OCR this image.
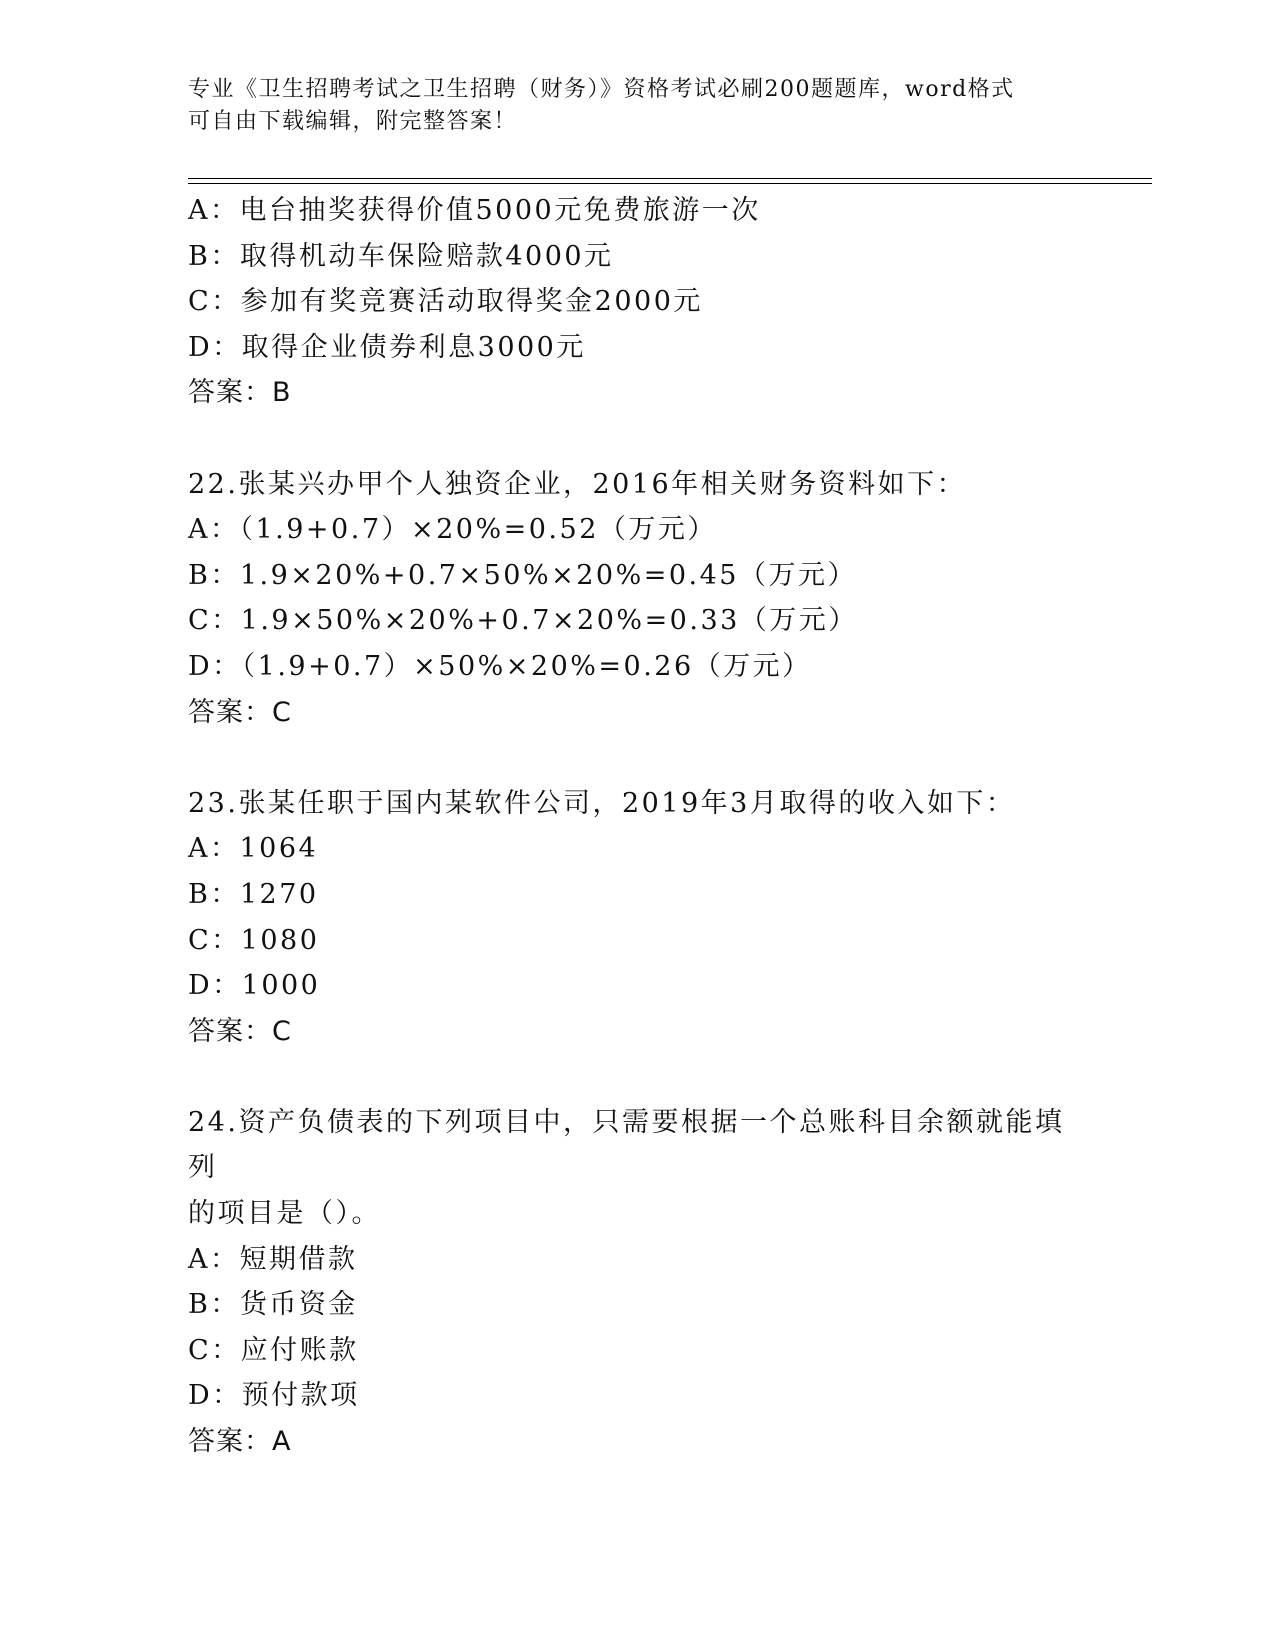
专业《卫生招聘考试之卫生招聘（财务）》资格考试必刷200题题库，word格式
可自由下载编辑，附完整答案！
A：电台抽奖获得价值5000元免费旅游一次
B：取得机动车保险赔款4000元
C：参加有奖竞赛活动取得奖金2000元
D：取得企业债券利息3000元
答案：B
22.张某兴办甲个人独资企业，2016年相关财务资料如下：
A：（1.9+0.7）×20%=0.52（万元）
B：1.9×20%+0.7×50%×20%=0.45（万元）
C：1.9×50%×20%+0.7×20%=0.33（万元）
D：（1.9+0.7）×50%×20%=0.26（万元）
答案：C
23.张某任职于国内某软件公司，2019年3月取得的收入如下：
A：1064
B：1270
C：1080
D：1000
答案：C
24.资产负债表的下列项目中，只需要根据一个总账科目余额就能填列
的项目是（）。
A：短期借款
B：货币资金
C：应付账款
D：预付款项
答案：A
